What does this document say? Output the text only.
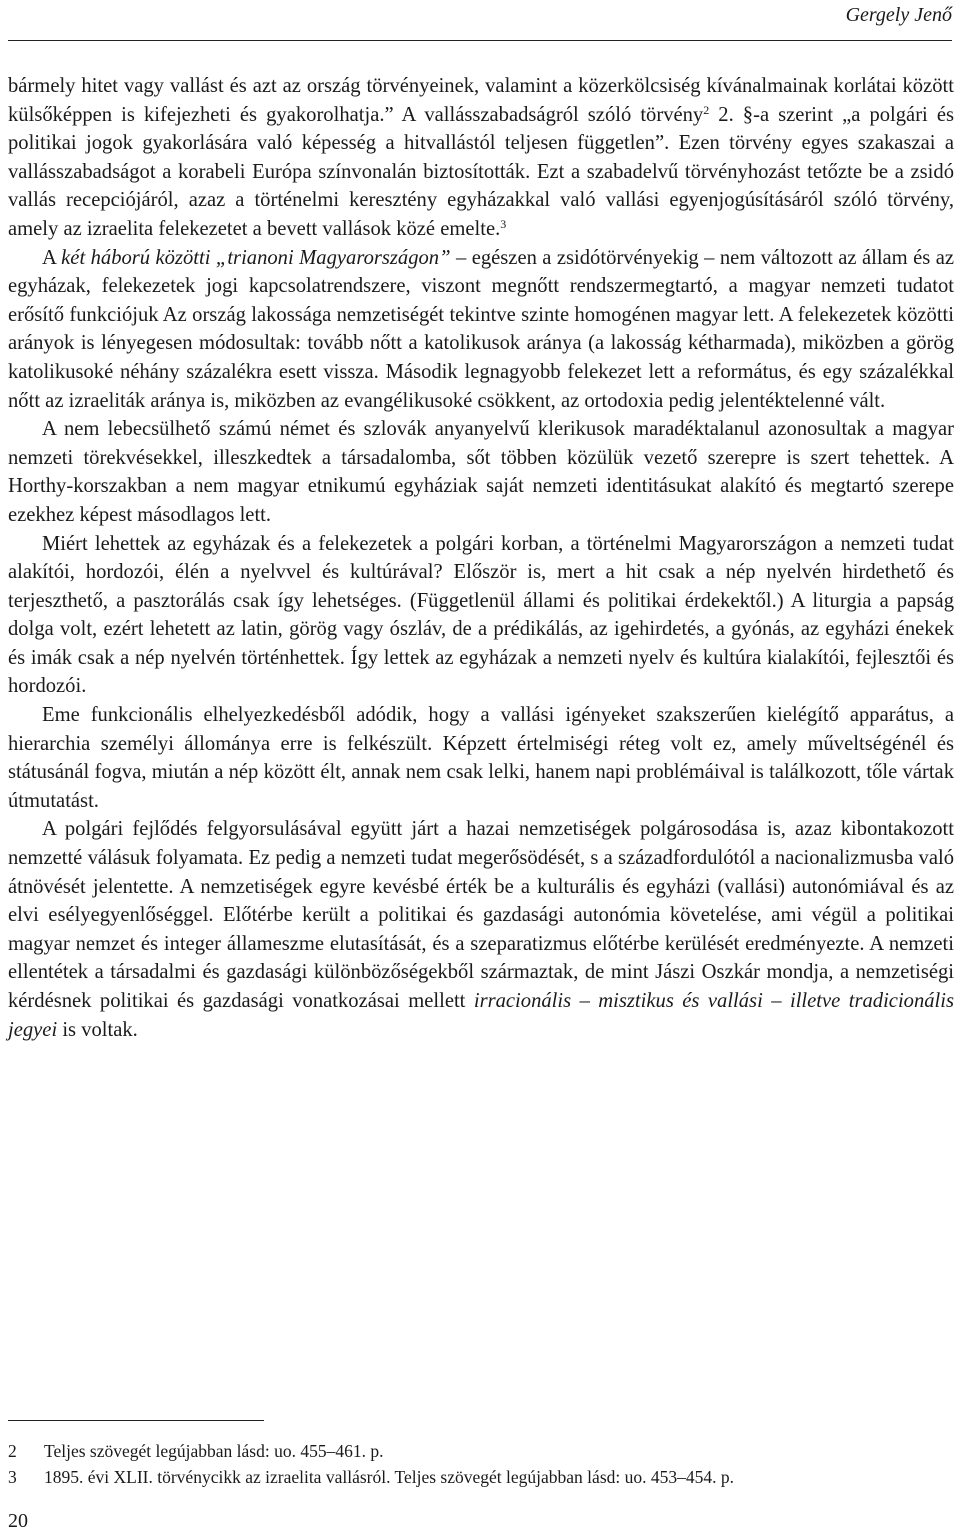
Gergely Jenő

bármely hitet vagy vallást és azt az ország törvényeinek, valamint a közerkölcsiség kívánalmainak korlátai között külsőképpen is kifejezheti és gyakorolhatja.” A vallásszabadságról szóló törvény$^2$ 2. §-a szerint „a polgári és politikai jogok gyakorlására való képesség a hitvallástól teljesen független”. Ezen törvény egyes szakaszai a vallásszabadságot a korabeli Európa színvonalán biztosították. Ezt a szabadelvű törvényhozást tetőzte be a zsidó vallás recepciójáról, azaz a történelmi keresztény egyházakkal való vallási egyenjogúsításáról szóló törvény, amely az izraelita felekezetet a bevett vallások közé emelte.$^3$

A két háború közötti „trianoni Magyarországon” – egészen a zsidótörvényekig – nem változott az állam és az egyházak, felekezetek jogi kapcsolatrendszere, viszont megnőtt rendszermegtartó, a magyar nemzeti tudatot erősítő funkciójuk Az ország lakossága nemzetiségét tekintve szinte homogénen magyar lett. A felekezetek közötti arányok is lényegesen módosultak: tovább nőtt a katolikusok aránya (a lakosság kétharmada), miközben a görög katolikusoké néhány százalékra esett vissza. Második legnagyobb felekezet lett a református, és egy százalékkal nőtt az izraeliták aránya is, miközben az evangélikusoké csökkent, az ortodoxia pedig jelentéktelenné vált.

A nem lebecsülhető számú német és szlovák anyanyelvű klerikusok maradéktalanul azonosultak a magyar nemzeti törekvésekkel, illeszkedtek a társadalomba, sőt többen közülük vezető szerepre is szert tehettek. A Horthy-korszakban a nem magyar etnikumú egyháziak saját nemzeti identitásukat alakító és megtartó szerepe ezekhez képest másodlagos lett.

Miért lehettek az egyházak és a felekezetek a polgári korban, a történelmi Magyarországon a nemzeti tudat alakítói, hordozói, élén a nyelvvel és kultúrával? Először is, mert a hit csak a nép nyelvén hirdethető és terjeszthető, a pasztorálás csak így lehetséges. (Függetlenül állami és politikai érdekektől.) A liturgia a papság dolga volt, ezért lehetett az latin, görög vagy ószláv, de a prédikálás, az igehirdetés, a gyónás, az egyházi énekek és imák csak a nép nyelvén történhettek. Így lettek az egyházak a nemzeti nyelv és kultúra kialakítói, fejlesztői és hordozói.

Eme funkcionális elhelyezkedésből adódik, hogy a vallási igényeket szakszerűen kielégítő apparátus, a hierarchia személyi állománya erre is felkészült. Képzett értelmiségi réteg volt ez, amely műveltségénél és státusánál fogva, miután a nép között élt, annak nem csak lelki, hanem napi problémáival is találkozott, tőle vártak útmutatást.

A polgári fejlődés felgyorsulásával együtt járt a hazai nemzetiségek polgárosodása is, azaz kibontakozott nemzetté válásuk folyamata. Ez pedig a nemzeti tudat megerősödését, s a századfordulótól a nacionalizmusba való átnövését jelentette. A nemzetiségek egyre kevésbé érték be a kulturális és egyházi (vallási) autonómiával és az elvi esélyegyenlőséggel. Előtérbe került a politikai és gazdasági autonómia követelése, ami végül a politikai magyar nemzet és integer állameszme elutasítását, és a szeparatizmus előtérbe kerülését eredményezte. A nemzeti ellentétek a társadalmi és gazdasági különbözőségekből származtak, de mint Jászi Oszkár mondja, a nemzetiségi kérdésnek politikai és gazdasági vonatkozásai mellett irracionális – misztikus és vallási – illetve tradicionális jegyei is voltak.

2	Teljes szövegét legújabban lásd: uo. 455–461. p.
3	1895. évi XLII. törvénycikk az izraelita vallásról. Teljes szövegét legújabban lásd: uo. 453–454. p.
20
